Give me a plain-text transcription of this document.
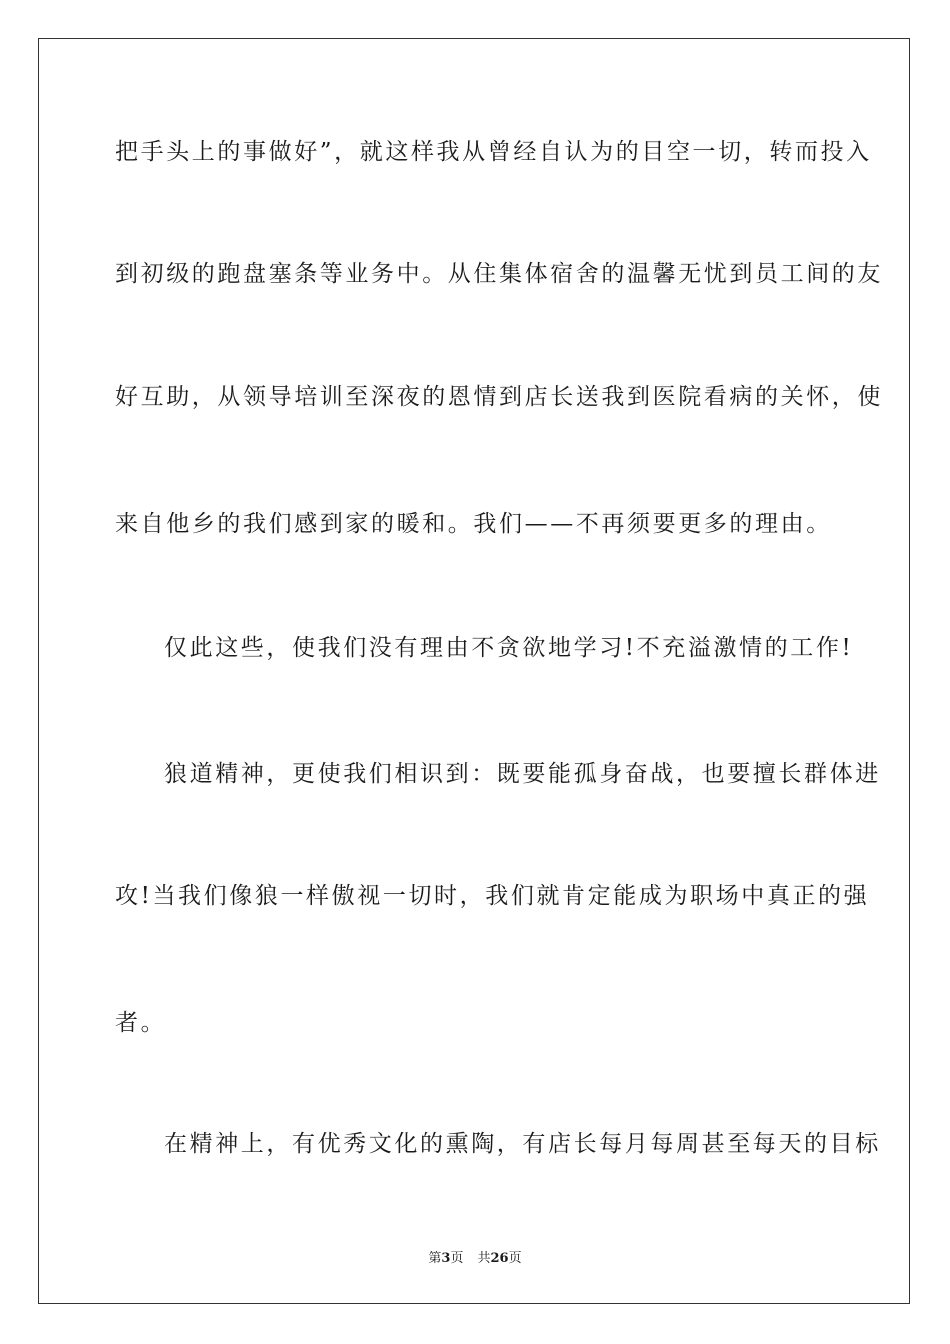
把手头上的事做好”，就这样我从曾经自认为的目空一切，转而投入
到初级的跑盘塞条等业务中。从住集体宿舍的温馨无忧到员工间的友
好互助，从领导培训至深夜的恩情到店长送我到医院看病的关怀，使
来自他乡的我们感到家的暖和。我们——不再须要更多的理由。
仅此这些，使我们没有理由不贪欲地学习!不充溢激情的工作!
狼道精神，更使我们相识到：既要能孤身奋战，也要擅长群体进
攻!当我们像狼一样傲视一切时，我们就肯定能成为职场中真正的强
者。
在精神上，有优秀文化的熏陶，有店长每月每周甚至每天的目标
第3页 共26页
